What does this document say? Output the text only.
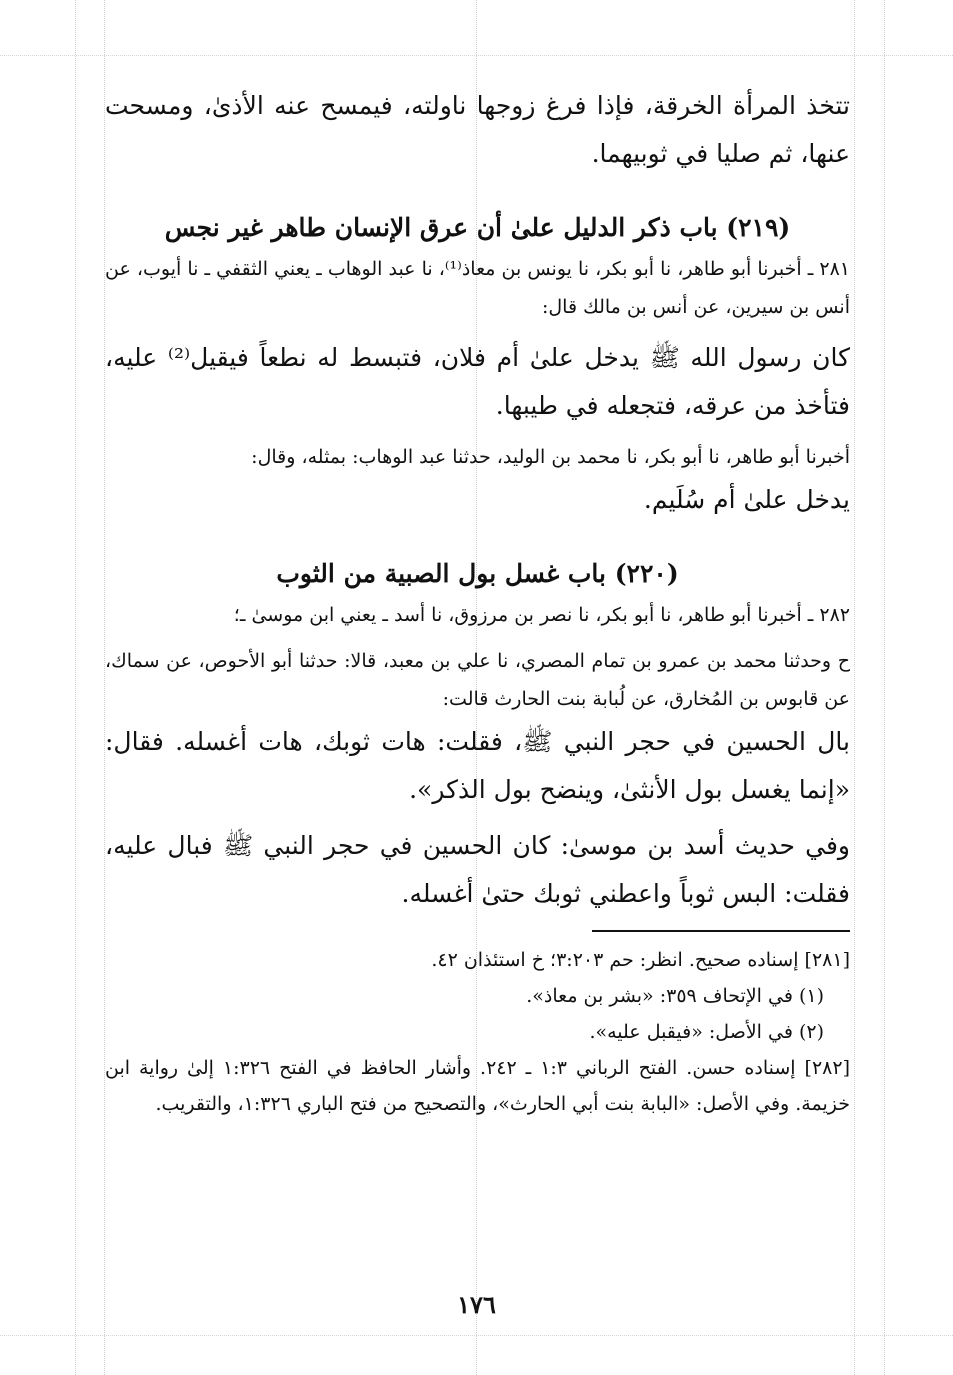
تتخذ المرأة الخرقة، فإذا فرغ زوجها ناولته، فيمسح عنه الأذىٰ، ومسحت عنها، ثم صليا في ثوبيهما.

(٢١٩) باب ذكر الدليل علىٰ أن عرق الإنسان طاهر غير نجس

٢٨١ ـ أخبرنا أبو طاهر، نا أبو بكر، نا يونس بن معاذ⁽¹⁾، نا عبد الوهاب ـ يعني الثقفي ـ نا أيوب، عن أنس بن سيرين، عن أنس بن مالك قال:

كان رسول الله ﷺ يدخل علىٰ أم فلان، فتبسط له نطعاً فيقيل⁽²⁾ عليه، فتأخذ من عرقه، فتجعله في طيبها.

أخبرنا أبو طاهر، نا أبو بكر، نا محمد بن الوليد، حدثنا عبد الوهاب: بمثله، وقال:

يدخل علىٰ أم سُلَيم.

(٢٢٠) باب غسل بول الصبية من الثوب

٢٨٢ ـ أخبرنا أبو طاهر، نا أبو بكر، نا نصر بن مرزوق، نا أسد ـ يعني ابن موسىٰ ـ؛

ح وحدثنا محمد بن عمرو بن تمام المصري، نا علي بن معبد، قالا: حدثنا أبو الأحوص، عن سماك، عن قابوس بن المُخارق، عن لُبابة بنت الحارث قالت:

بال الحسين في حجر النبي ﷺ، فقلت: هات ثوبك، هات أغسله. فقال: «إنما يغسل بول الأنثىٰ، وينضح بول الذكر».

وفي حديث أسد بن موسىٰ: كان الحسين في حجر النبي ﷺ فبال عليه، فقلت: البس ثوباً واعطني ثوبك حتىٰ أغسله.

[٢٨١] إسناده صحيح. انظر: حم ٣:٢٠٣؛ خ استئذان ٤٢.

(١) في الإتحاف ٣٥٩: «بشر بن معاذ».

(٢) في الأصل: «فيقبل عليه».

[٢٨٢] إسناده حسن. الفتح الرباني ١:٣ ـ ٢٤٢. وأشار الحافظ في الفتح ١:٣٢٦ إلىٰ رواية ابن خزيمة. وفي الأصل: «البابة بنت أبي الحارث»، والتصحيح من فتح الباري ١:٣٢٦، والتقريب.

١٧٦
